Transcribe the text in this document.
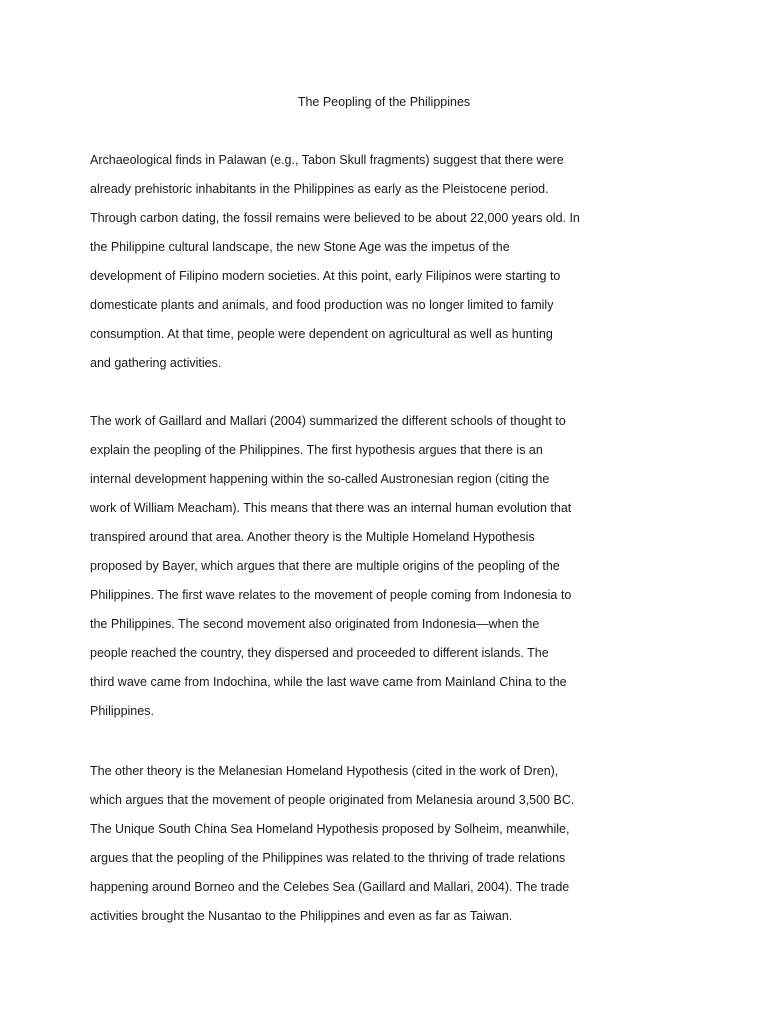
The Peopling of the Philippines
Archaeological finds in Palawan (e.g., Tabon Skull fragments) suggest that there were
already prehistoric inhabitants in the Philippines as early as the Pleistocene period.
Through carbon dating, the fossil remains were believed to be about 22,000 years old. In
the Philippine cultural landscape, the new Stone Age was the impetus of the
development of Filipino modern societies. At this point, early Filipinos were starting to
domesticate plants and animals, and food production was no longer limited to family
consumption. At that time, people were dependent on agricultural as well as hunting
and gathering activities.
The work of Gaillard and Mallari (2004) summarized the different schools of thought to
explain the peopling of the Philippines. The first hypothesis argues that there is an
internal development happening within the so-called Austronesian region (citing the
work of William Meacham). This means that there was an internal human evolution that
transpired around that area. Another theory is the Multiple Homeland Hypothesis
proposed by Bayer, which argues that there are multiple origins of the peopling of the
Philippines. The first wave relates to the movement of people coming from Indonesia to
the Philippines. The second movement also originated from Indonesia—when the
people reached the country, they dispersed and proceeded to different islands. The
third wave came from Indochina, while the last wave came from Mainland China to the
Philippines.
The other theory is the Melanesian Homeland Hypothesis (cited in the work of Dren),
which argues that the movement of people originated from Melanesia around 3,500 BC.
The Unique South China Sea Homeland Hypothesis proposed by Solheim, meanwhile,
argues that the peopling of the Philippines was related to the thriving of trade relations
happening around Borneo and the Celebes Sea (Gaillard and Mallari, 2004). The trade
activities brought the Nusantao to the Philippines and even as far as Taiwan.
